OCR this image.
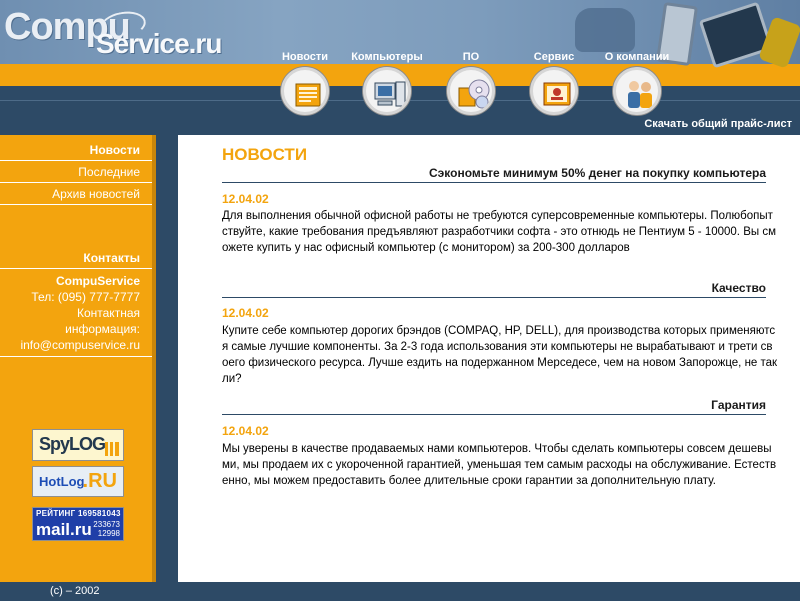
Compu
Service.ru	Новости	Компьютеры	ПО	Сервис	О компании
Скачать общий прайс-лист
Новости
Последние
Архив новостей
Контакты
CompuService
Тел: (095) 777-7777
Контактная
информация:
info@compuservice.ru
SpyLOG
HotLog
.RU
РЕЙТИНГ 169581043
mail.ru 233673
12998
НОВОСТИ
Сэкономьте минимум 50% денег на покупку компьютера
12.04.02
Для выполнения обычной офисной работы не требуются суперсовременные компьютеры. Полюбопытствуйте, какие требования предъявляют разработчики софта - это отнюдь не Пентиум 5 - 10000. Вы сможете купить у нас офисный компьютер (с монитором) за 200-300 долларов
Качество
12.04.02
Купите себе компьютер дорогих брэндов (COMPAQ, HP, DELL), для производства которых применяются самые лучшие компоненты. За 2-3 года использования эти компьютеры не вырабатывают и трети своего физического ресурса. Лучше ездить на подержанном Мерседесе, чем на новом Запорожце, не так ли?
Гарантия
12.04.02
Мы уверены в качестве продаваемых нами компьютеров. Чтобы сделать компьютеры совсем дешевыми, мы продаем их с укороченной гарантией, уменьшая тем самым расходы на обслуживание. Естественно, мы можем предоставить более длительные сроки гарантии за дополнительную плату.
(c) – 2002
